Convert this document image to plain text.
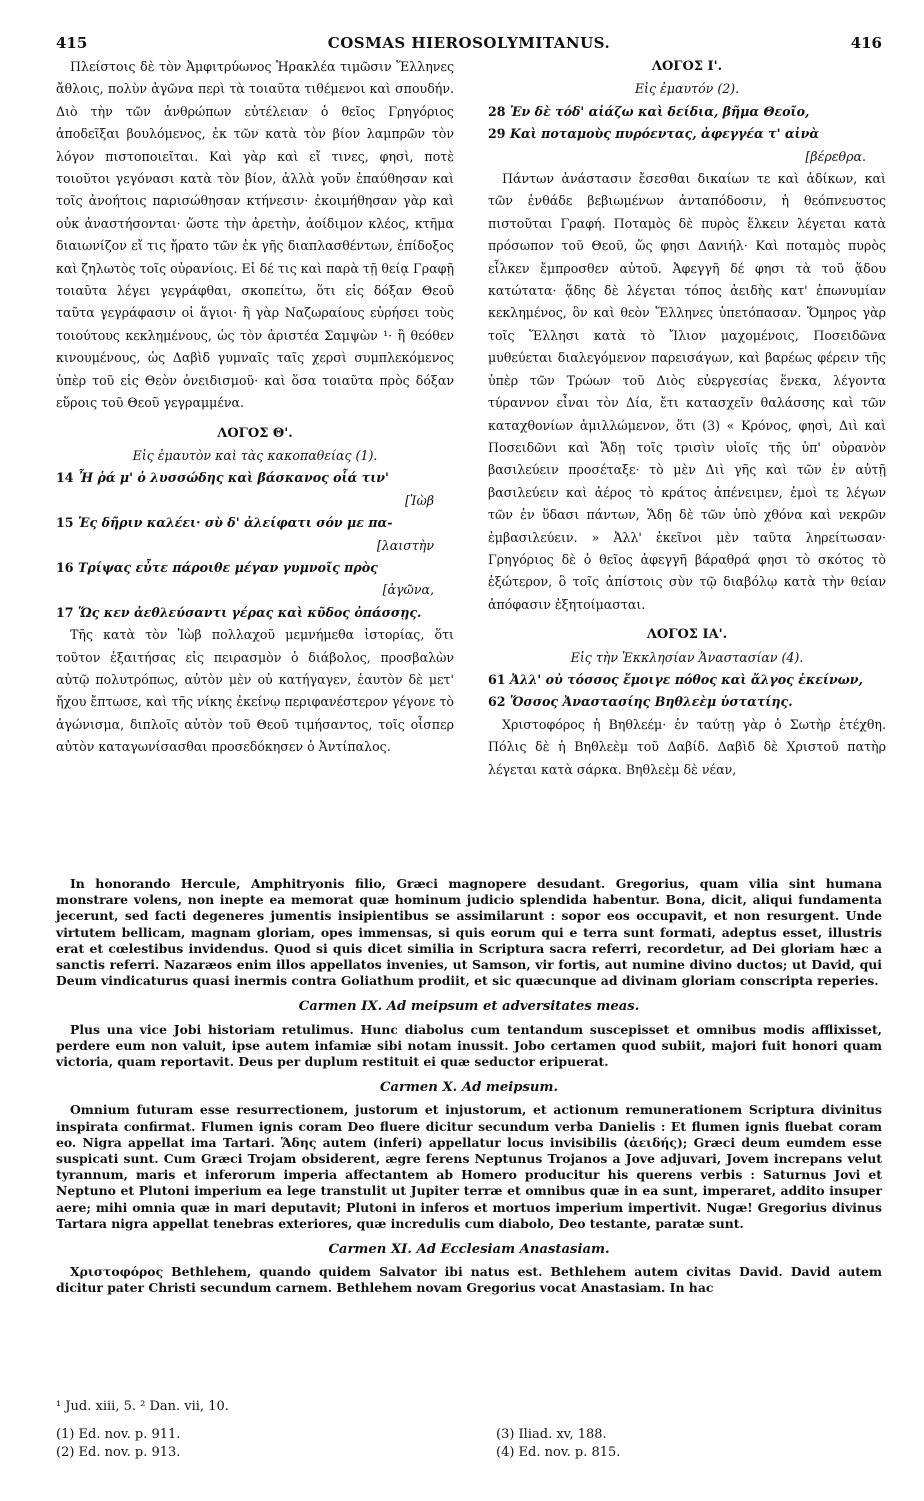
415	COSMAS HIEROSOLYMITANUS.	416

Πλείστοις δὲ τὸν Ἀμφιτρύωνος Ἡρακλέα τιμῶσιν Ἕλληνες ἄθλοις, πολὺν ἀγῶνα περὶ τὰ τοιαῦτα τιθέμενοι καὶ σπουδήν. Διὸ τὴν τῶν ἀνθρώπων εὐτέλειαν ὁ θεῖος Γρηγόριος ἀποδεῖξαι βουλόμενος, ἐκ τῶν κατὰ τὸν βίον λαμπρῶν τὸν λόγον πιστοποιεῖται. Καὶ γὰρ καὶ εἴ τινες, φησὶ, ποτὲ τοιοῦτοι γεγόνασι κατὰ τὸν βίον, ἀλλὰ γοῦν ἐπαύθησαν καὶ τοῖς ἀνοήτοις παρισώθησαν κτήνεσιν· ἐκοιμήθησαν γὰρ καὶ οὐκ ἀναστήσονται· ὥστε τὴν ἀρετὴν, ἀοίδιμον κλέος, κτῆμα διαιωνίζον εἴ τις ἤρατο τῶν ἐκ γῆς διαπλασθέντων, ἐπίδοξος καὶ ζηλωτὸς τοῖς οὐρανίοις. Εἰ δέ τις καὶ παρὰ τῇ θείᾳ Γραφῇ τοιαῦτα λέγει γεγράφθαι, σκοπείτω, ὅτι εἰς δόξαν Θεοῦ ταῦτα γεγράφασιν οἱ ἅγιοι· ἢ γὰρ Ναζωραίους εὑρήσει τοὺς τοιούτους κεκλημένους, ὡς τὸν ἀριστέα Σαμψὼν ¹· ἢ θεόθεν κινουμένους, ὡς Δαβὶδ γυμναῖς ταῖς χερσὶ συμπλεκόμενος ὑπὲρ τοῦ εἰς Θεὸν ὀνειδισμοῦ· καὶ ὅσα τοιαῦτα πρὸς δόξαν εὕροις τοῦ Θεοῦ γεγραμμένα.

ΛΟΓΟΣ Θ'.
Εἰς ἐμαυτὸν καὶ τὰς κακοπαθείας (1).
14 Ἦ ῥά μ' ὁ λυσσώδης καὶ βάσκανος οἷά τιν'
[Ἰὼβ
15 Ἐς δῆριν καλέει· σὺ δ' ἀλείφατι σόν με πα-
[λαιστὴν
16 Τρίψας εὖτε πάροιθε μέγαν γυμνοῖς πρὸς
[ἀγῶνα,
17 Ὥς κεν ἀεθλεύσαντι γέρας καὶ κῦδος ὀπάσσῃς.

Τῆς κατὰ τὸν Ἰὼβ πολλαχοῦ μεμνήμεθα ἱστορίας, ὅτι τοῦτον ἐξαιτήσας εἰς πειρασμὸν ὁ διάβολος, προσβαλὼν αὐτῷ πολυτρόπως, αὐτὸν μὲν οὐ κατήγαγεν, ἑαυτὸν δὲ μετ' ἤχου ἔπτωσε, καὶ τῆς νίκης ἐκείνῳ περιφανέστερον γέγονε τὸ ἀγώνισμα, διπλοῖς αὐτὸν τοῦ Θεοῦ τιμήσαντος, τοῖς οἷσπερ αὐτὸν καταγωνίσασθαι προσεδόκησεν ὁ Ἀντίπαλος.

ΛΟΓΟΣ Ι'.
Εἰς ἐμαυτόν (2).
28 Ἐν δὲ τόδ' αἰάζω καὶ δείδια, βῆμα Θεοῖο,
29 Καὶ ποταμοὺς πυρόεντας, ἀφεγγέα τ' αἰνὰ
[βέρεθρα.

Πάντων ἀνάστασιν ἔσεσθαι δικαίων τε καὶ ἀδίκων, καὶ τῶν ἐνθάδε βεβιωμένων ἀνταπόδοσιν, ἡ θεόπνευστος πιστοῦται Γραφή. Ποταμὸς δὲ πυρὸς ἕλκειν λέγεται κατὰ πρόσωπον τοῦ Θεοῦ, ὥς φησι Δανιήλ· Καὶ ποταμὸς πυρὸς εἷλκεν ἔμπροσθεν αὐτοῦ. Ἀφεγγῆ δέ φησι τὰ τοῦ ᾅδου κατώτατα· ᾅδης δὲ λέγεται τόπος ἀειδὴς κατ' ἐπωνυμίαν κεκλημένος, ὃν καὶ θεὸν Ἕλληνες ὑπετόπασαν. Ὅμηρος γὰρ τοῖς Ἕλλησι κατὰ τὸ Ἴλιον μαχομένοις, Ποσειδῶνα μυθεύεται διαλεγόμενον παρεισάγων, καὶ βαρέως φέρειν τῆς ὑπὲρ τῶν Τρώων τοῦ Διὸς εὐεργεσίας ἕνεκα, λέγοντα τύραννον εἶναι τὸν Δία, ἔτι κατασχεῖν θαλάσσης καὶ τῶν καταχθονίων ἁμιλλώμενον, ὅτι (3) « Κρόνος, φησὶ, Διὶ καὶ Ποσειδῶνι καὶ Ἅδῃ τοῖς τρισὶν υἱοῖς τῆς ὑπ' οὐρανὸν βασιλεύειν προσέταξε· τὸ μὲν Διὶ γῆς καὶ τῶν ἐν αὐτῇ βασιλεύειν καὶ ἀέρος τὸ κράτος ἀπένειμεν, ἐμοὶ τε λέγων τῶν ἐν ὕδασι πάντων, Ἅδῃ δὲ τῶν ὑπὸ χθόνα καὶ νεκρῶν ἐμβασιλεύειν. » Ἀλλ' ἐκεῖνοι μὲν ταῦτα ληρείτωσαν· Γρηγόριος δὲ ὁ θεῖος ἀφεγγῆ βάραθρά φησι τὸ σκότος τὸ ἐξώτερον, ὃ τοῖς ἀπίστοις σὺν τῷ διαβόλῳ κατὰ τὴν θείαν ἀπόφασιν ἐξητοίμασται.

ΛΟΓΟΣ ΙΑ'.
Εἰς τὴν Ἐκκλησίαν Ἀναστασίαν (4).
61 Ἀλλ' οὐ τόσσος ἔμοιγε πόθος καὶ ἄλγος ἐκείνων,
62 Ὅσσος Ἀναστασίης Βηθλεὲμ ὑστατίης.

Χριστοφόρος ἡ Βηθλεέμ· ἐν ταύτῃ γὰρ ὁ Σωτὴρ ἐτέχθη. Πόλις δὲ ἡ Βηθλεὲμ τοῦ Δαβίδ. Δαβὶδ δὲ Χριστοῦ πατὴρ λέγεται κατὰ σάρκα. Βηθλεὲμ δὲ νέαν,

In honorando Hercule, Amphitryonis filio, Græci magnopere desudant. Gregorius, quam vilia sint humana monstrare volens, non inepte ea memorat quæ hominum judicio splendida habentur. Bona, dicit, aliqui fundamenta jecerunt, sed facti degeneres jumentis insipientibus se assimilarunt : sopor eos occupavit, et non resurgent. Unde virtutem bellicam, magnam gloriam, opes immensas, si quis eorum qui e terra sunt formati, adeptus esset, illustris erat et cœlestibus invidendus. Quod si quis dicet similia in Scriptura sacra referri, recordetur, ad Dei gloriam hæc a sanctis referri. Nazaræos enim illos appellatos invenies, ut Samson, vir fortis, aut numine divino ductos; ut David, qui Deum vindicaturus quasi inermis contra Goliathum prodiit, et sic quæcunque ad divinam gloriam conscripta reperies.

Carmen IX. Ad meipsum et adversitates meas.

Plus una vice Jobi historiam retulimus. Hunc diabolus cum tentandum suscepisset et omnibus modis afflixisset, perdere eum non valuit, ipse autem infamiæ sibi notam inussit. Jobo certamen quod subiit, majori fuit honori quam victoria, quam reportavit. Deus per duplum restituit ei quæ seductor eripuerat.

Carmen X. Ad meipsum.

Omnium futuram esse resurrectionem, justorum et injustorum, et actionum remunerationem Scriptura divinitus inspirata confirmat. Flumen ignis coram Deo fluere dicitur secundum verba Danielis : Et flumen ignis fluebat coram eo. Nigra appellat ima Tartari. Ἅδης autem (inferi) appellatur locus invisibilis (ἀειδής); Græci deum eumdem esse suspicati sunt. Cum Græci Trojam obsiderent, ægre ferens Neptunus Trojanos a Jove adjuvari, Jovem increpans velut tyrannum, maris et inferorum imperia affectantem ab Homero producitur his querens verbis : Saturnus Jovi et Neptuno et Plutoni imperium ea lege transtulit ut Jupiter terræ et omnibus quæ in ea sunt, imperaret, addito insuper aere; mihi omnia quæ in mari deputavit; Plutoni in inferos et mortuos imperium impertivit. Nugæ! Gregorius divinus Tartara nigra appellat tenebras exteriores, quæ incredulis cum diabolo, Deo testante, paratæ sunt.

Carmen XI. Ad Ecclesiam Anastasiam.

Χριστοφόρος Bethlehem, quando quidem Salvator ibi natus est. Bethlehem autem civitas David. David autem dicitur pater Christi secundum carnem. Bethlehem novam Gregorius vocat Anastasiam. In hac

¹ Jud. xiii, 5. ² Dan. vii, 10.

(1) Ed. nov. p. 911.
(2) Ed. nov. p. 913.
(3) Iliad. xv, 188.
(4) Ed. nov. p. 815.
